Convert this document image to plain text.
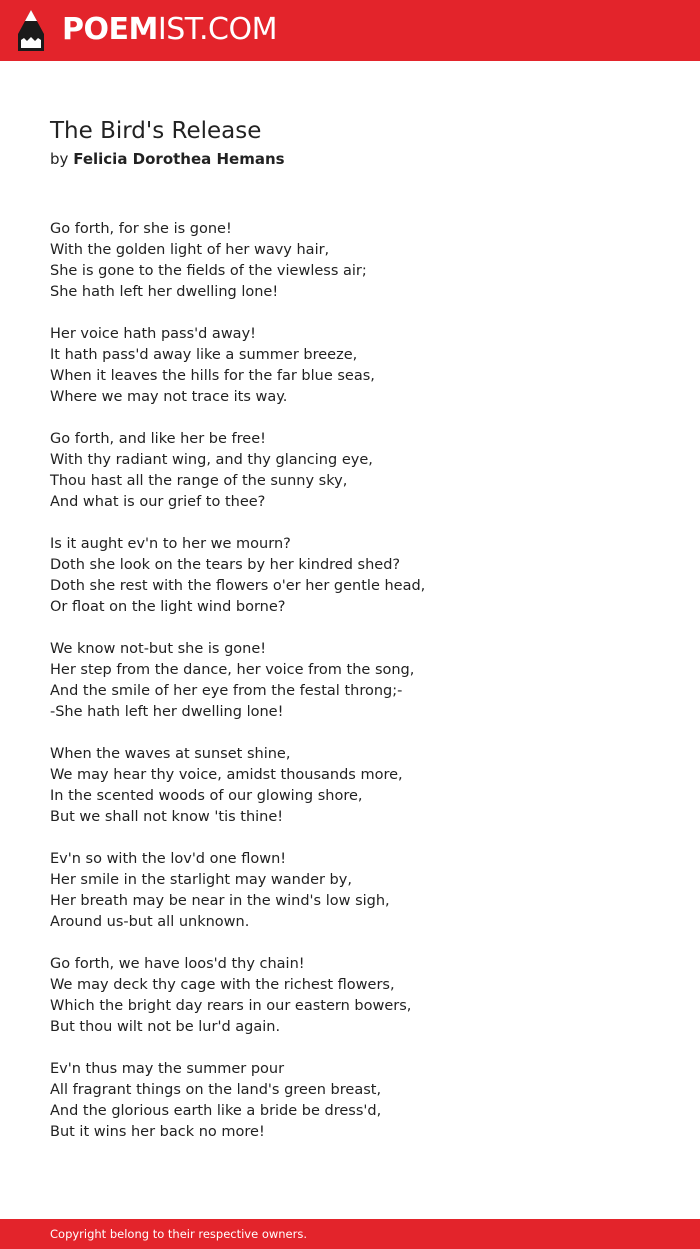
POEMIST.COM
The Bird's Release
by Felicia Dorothea Hemans
Go forth, for she is gone!
With the golden light of her wavy hair,
She is gone to the fields of the viewless air;
She hath left her dwelling lone!
Her voice hath pass'd away!
It hath pass'd away like a summer breeze,
When it leaves the hills for the far blue seas,
Where we may not trace its way.
Go forth, and like her be free!
With thy radiant wing, and thy glancing eye,
Thou hast all the range of the sunny sky,
And what is our grief to thee?
Is it aught ev'n to her we mourn?
Doth she look on the tears by her kindred shed?
Doth she rest with the flowers o'er her gentle head,
Or float on the light wind borne?
We know not-but she is gone!
Her step from the dance, her voice from the song,
And the smile of her eye from the festal throng;-
-She hath left her dwelling lone!
When the waves at sunset shine,
We may hear thy voice, amidst thousands more,
In the scented woods of our glowing shore,
But we shall not know 'tis thine!
Ev'n so with the lov'd one flown!
Her smile in the starlight may wander by,
Her breath may be near in the wind's low sigh,
Around us-but all unknown.
Go forth, we have loos'd thy chain!
We may deck thy cage with the richest flowers,
Which the bright day rears in our eastern bowers,
But thou wilt not be lur'd again.
Ev'n thus may the summer pour
All fragrant things on the land's green breast,
And the glorious earth like a bride be dress'd,
But it wins her back no more!
Copyright belong to their respective owners.
